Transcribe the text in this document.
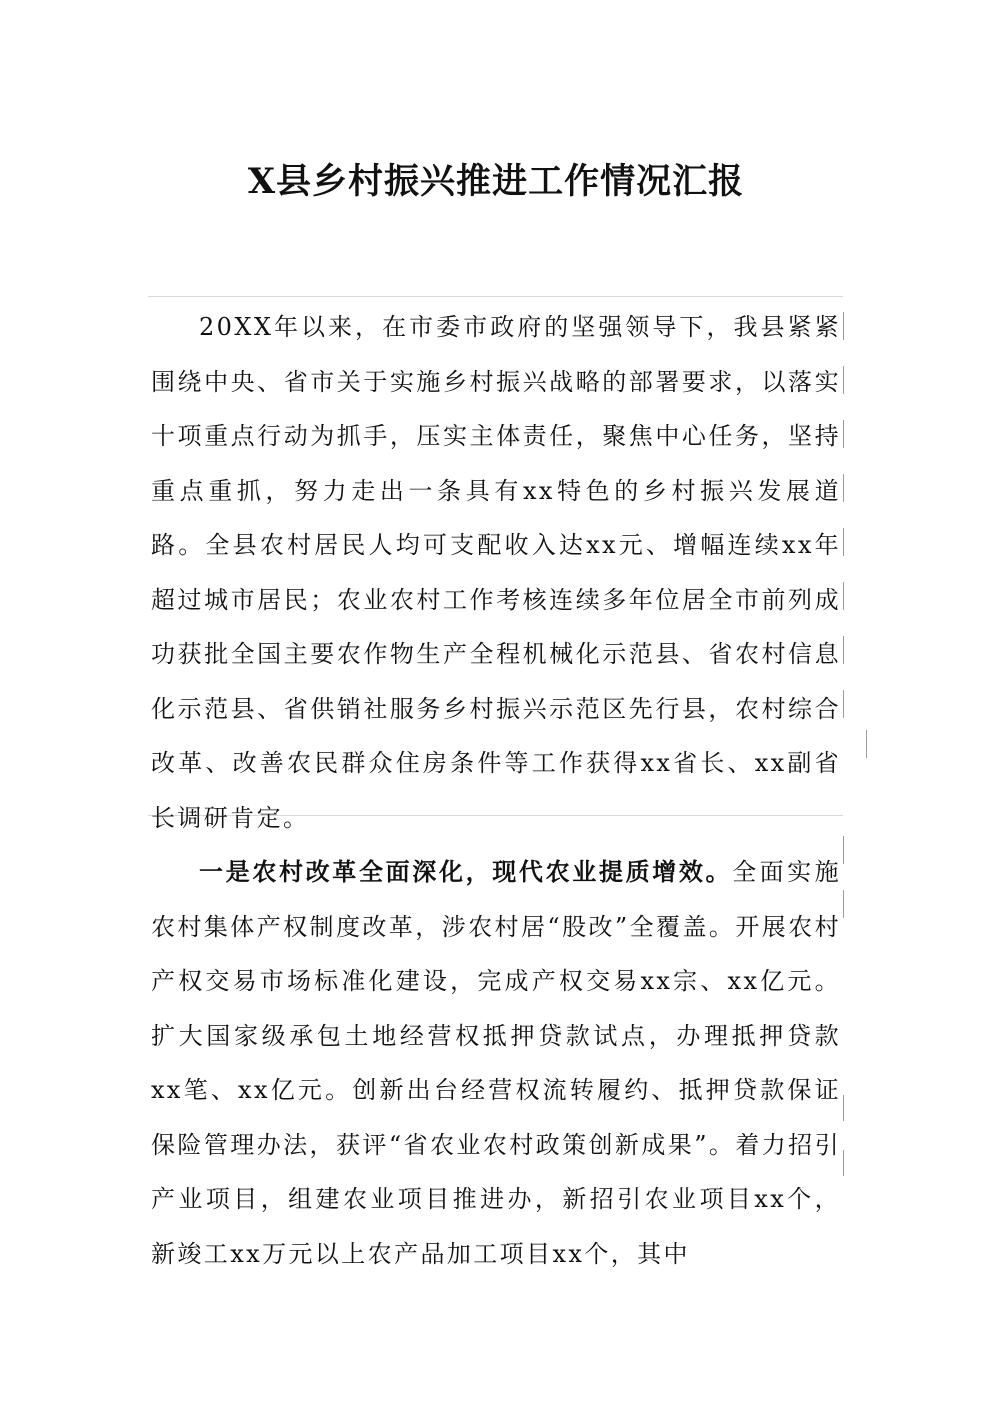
X县乡村振兴推进工作情况汇报

20XX年以来，在市委市政府的坚强领导下，我县紧紧围绕中央、省市关于实施乡村振兴战略的部署要求，以落实十项重点行动为抓手，压实主体责任，聚焦中心任务，坚持重点重抓，努力走出一条具有xx特色的乡村振兴发展道路。全县农村居民人均可支配收入达xx元、增幅连续xx年超过城市居民；农业农村工作考核连续多年位居全市前列成功获批全国主要农作物生产全程机械化示范县、省农村信息化示范县、省供销社服务乡村振兴示范区先行县，农村综合改革、改善农民群众住房条件等工作获得xx省长、xx副省长调研肯定。

一是农村改革全面深化，现代农业提质增效。全面实施农村集体产权制度改革，涉农村居“股改”全覆盖。开展农村产权交易市场标准化建设，完成产权交易xx宗、xx亿元。扩大国家级承包土地经营权抵押贷款试点，办理抵押贷款xx笔、xx亿元。创新出台经营权流转履约、抵押贷款保证保险管理办法，获评“省农业农村政策创新成果”。着力招引产业项目，组建农业项目推进办，新招引农业项目xx个，新竣工xx万元以上农产品加工项目xx个，其中
